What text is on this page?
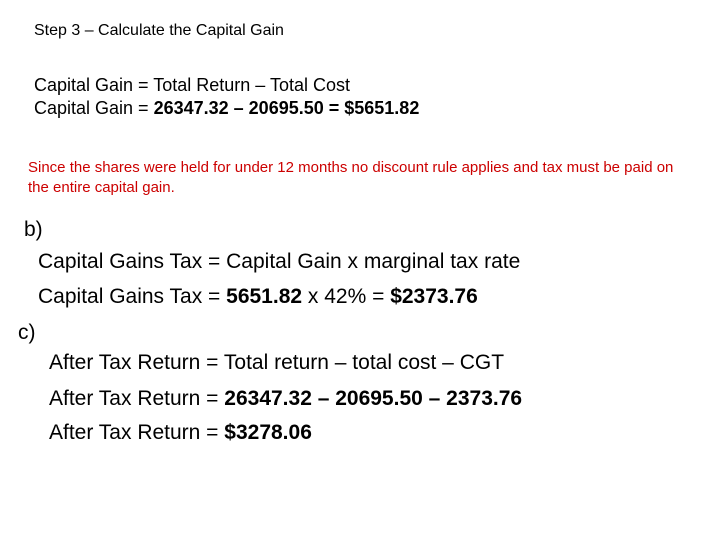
Step 3 – Calculate the Capital Gain
Capital Gain = Total Return – Total Cost
Capital Gain = 26347.32 – 20695.50 = $5651.82
Since the shares were held for under 12 months no discount rule applies and tax must be paid on the entire capital gain.
b)
Capital Gains Tax = Capital Gain x marginal tax rate
Capital Gains Tax = 5651.82 x 42% = $2373.76
c)
After Tax Return = Total return – total cost – CGT
After Tax Return = 26347.32 – 20695.50 – 2373.76
After Tax Return = $3278.06
